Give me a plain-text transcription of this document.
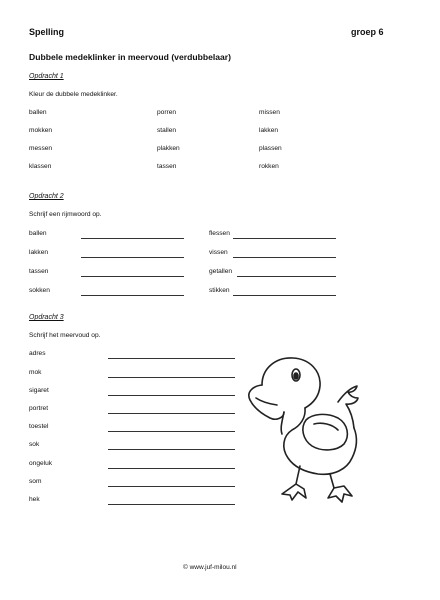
Spelling	groep 6
Dubbele medeklinker in meervoud (verdubbelaar)
Opdracht 1
Kleur de dubbele medeklinker.
ballen
mokken
messen
klassen
porren
stallen
plakken
tassen
missen
lakken
plassen
rokken
Opdracht 2
Schrijf een rijmwoord op.
ballen
lakken
tassen
sokken
flessen
vissen
getallen
stikken
Opdracht 3
Schrijf het meervoud op.
adres
mok
sigaret
portret
toestel
sok
ongeluk
som
hek
© www.juf-milou.nl
